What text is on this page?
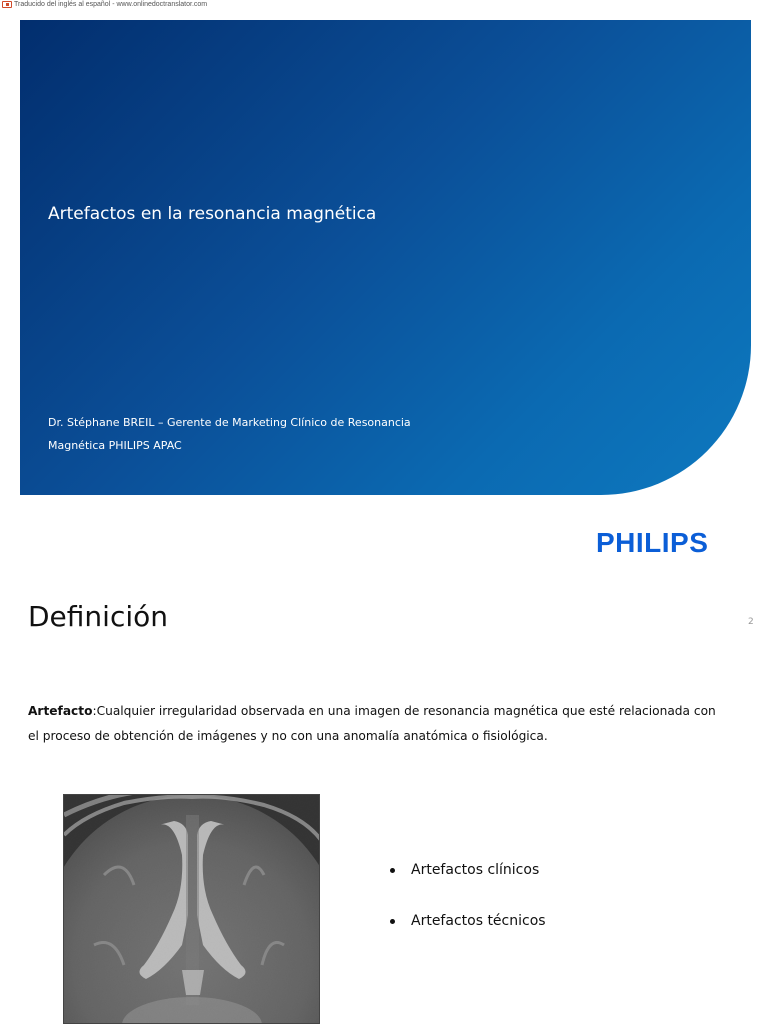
Traducido del inglés al español - www.onlinedoctranslator.com
Artefactos en la resonancia magnética
Dr. Stéphane BREIL – Gerente de Marketing Clínico de Resonancia
Magnética PHILIPS APAC
PHILIPS
Definición	2
Artefacto:Cualquier irregularidad observada en una imagen de resonancia magnética que esté relacionada con el proceso de obtención de imágenes y no con una anomalía anatómica o fisiológica.
Artefactos clínicos
Artefactos técnicos
